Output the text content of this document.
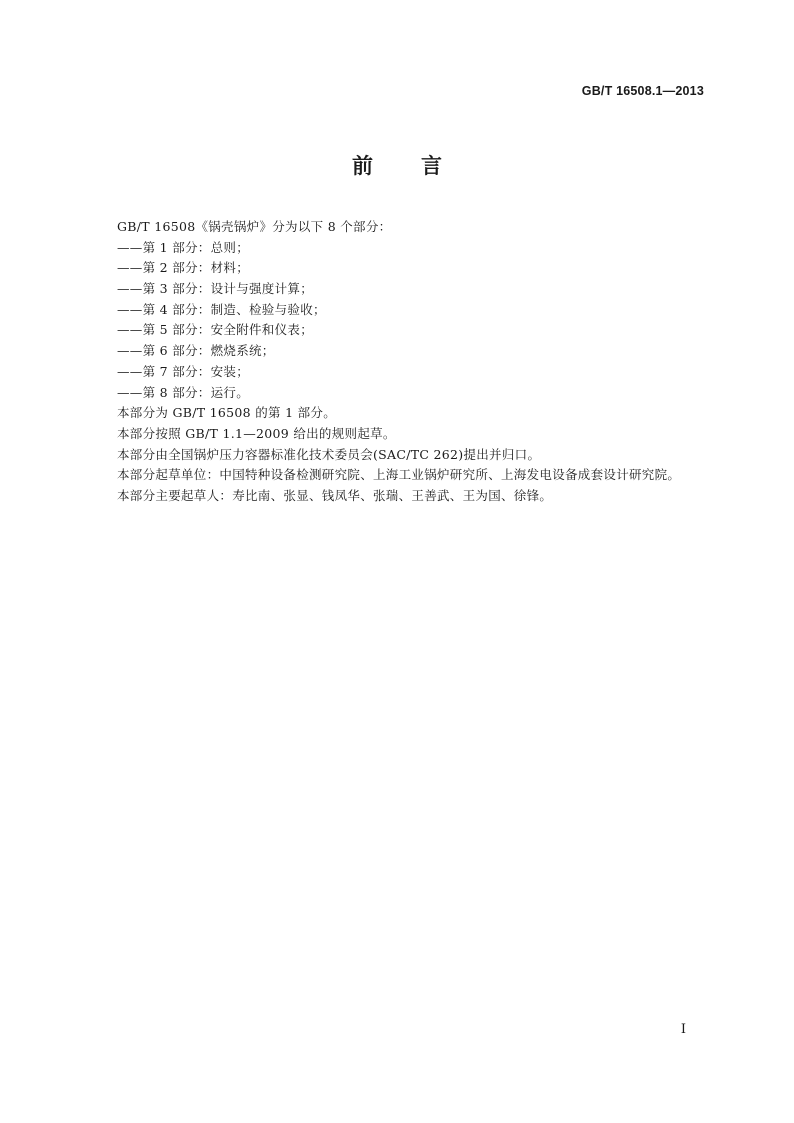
GB/T 16508.1—2013
前 言
GB/T 16508《锅壳锅炉》分为以下 8 个部分：
——第 1 部分：总则；
——第 2 部分：材料；
——第 3 部分：设计与强度计算；
——第 4 部分：制造、检验与验收；
——第 5 部分：安全附件和仪表；
——第 6 部分：燃烧系统；
——第 7 部分：安装；
——第 8 部分：运行。
本部分为 GB/T 16508 的第 1 部分。
本部分按照 GB/T 1.1—2009 给出的规则起草。
本部分由全国锅炉压力容器标准化技术委员会(SAC/TC 262)提出并归口。
本部分起草单位：中国特种设备检测研究院、上海工业锅炉研究所、上海发电设备成套设计研究院。
本部分主要起草人：寿比南、张显、钱凤华、张瑞、王善武、王为国、徐锋。
I
